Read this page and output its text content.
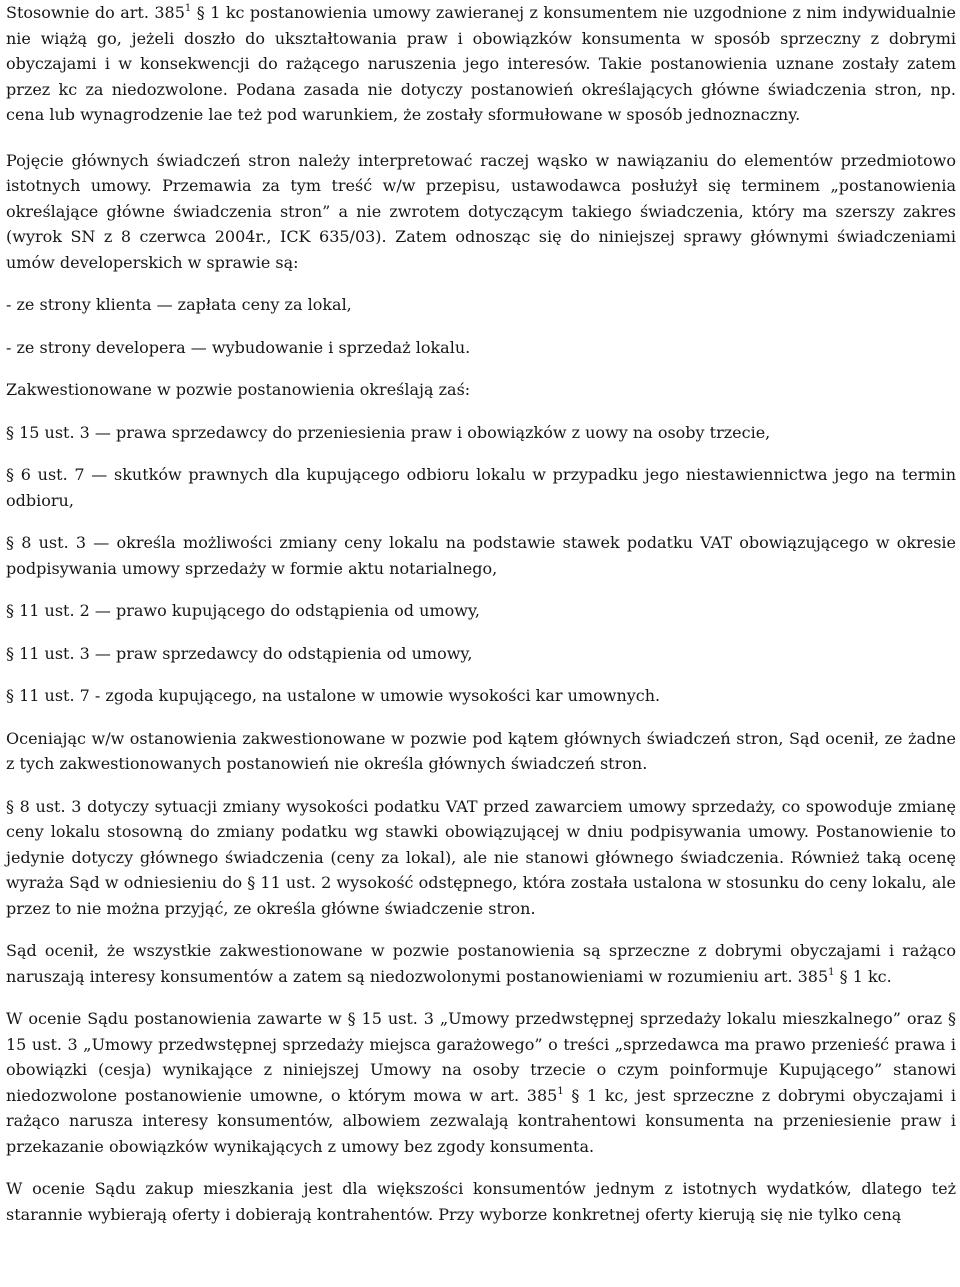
Stosownie do art. $385^1$ § 1 kc postanowienia umowy zawieranej z konsumentem nie uzgodnione z nim indywidualnie nie wiążą go, jeżeli doszło do ukształtowania praw i obowiązków konsumenta w sposób sprzeczny z dobrymi obyczajami i w konsekwencji do rażącego naruszenia jego interesów. Takie postanowienia uznane zostały zatem przez kc za niedozwolone. Podana zasada nie dotyczy postanowień określających główne świadczenia stron, np. cena lub wynagrodzenie lae też pod warunkiem, że zostały sformułowane w sposób jednoznaczny.

Pojęcie głównych świadczeń stron należy interpretować raczej wąsko w nawiązaniu do elementów przedmiotowo istotnych umowy. Przemawia za tym treść w/w przepisu, ustawodawca posłużył się terminem „postanowienia określające główne świadczenia stron” a nie zwrotem dotyczącym takiego świadczenia, który ma szerszy zakres (wyrok SN z 8 czerwca 2004r., ICK 635/03). Zatem odnosząc się do niniejszej sprawy głównymi świadczeniami umów developerskich w sprawie są:

- ze strony klienta — zapłata ceny za lokal,

- ze strony developera — wybudowanie i sprzedaż lokalu.

Zakwestionowane w pozwie postanowienia określają zaś:

§ 15 ust. 3 — prawa sprzedawcy do przeniesienia praw i obowiązków z uowy na osoby trzecie,

§ 6 ust. 7 — skutków prawnych dla kupującego odbioru lokalu w przypadku jego niestawiennictwa jego na termin odbioru,

§ 8 ust. 3 — określa możliwości zmiany ceny lokalu na podstawie stawek podatku VAT obowiązującego w okresie podpisywania umowy sprzedaży w formie aktu notarialnego,

§ 11 ust. 2 — prawo kupującego do odstąpienia od umowy,

§ 11 ust. 3 — praw sprzedawcy do odstąpienia od umowy,

§ 11 ust. 7 - zgoda kupującego, na ustalone w umowie wysokości kar umownych.

Oceniając w/w ostanowienia zakwestionowane w pozwie pod kątem głównych świadczeń stron, Sąd ocenił, ze żadne z tych zakwestionowanych postanowień nie określa głównych świadczeń stron.

§ 8 ust. 3 dotyczy sytuacji zmiany wysokości podatku VAT przed zawarciem umowy sprzedaży, co spowoduje zmianę ceny lokalu stosowną do zmiany podatku wg stawki obowiązującej w dniu podpisywania umowy. Postanowienie to jedynie dotyczy głównego świadczenia (ceny za lokal), ale nie stanowi głównego świadczenia. Również taką ocenę wyraża Sąd w odniesieniu do § 11 ust. 2 wysokość odstępnego, która została ustalona w stosunku do ceny lokalu, ale przez to nie można przyjąć, ze określa główne świadczenie stron.

Sąd ocenił, że wszystkie zakwestionowane w pozwie postanowienia są sprzeczne z dobrymi obyczajami i rażąco naruszają interesy konsumentów a zatem są niedozwolonymi postanowieniami w rozumieniu art. $385^1$ § 1 kc.

W ocenie Sądu postanowienia zawarte w § 15 ust. 3 „Umowy przedwstępnej sprzedaży lokalu mieszkalnego” oraz § 15 ust. 3 „Umowy przedwstępnej sprzedaży miejsca garażowego” o treści „sprzedawca ma prawo przenieść prawa i obowiązki (cesja) wynikające z niniejszej Umowy na osoby trzecie o czym poinformuje Kupującego” stanowi niedozwolone postanowienie umowne, o którym mowa w art. $385^1$ § 1 kc, jest sprzeczne z dobrymi obyczajami i rażąco narusza interesy konsumentów, albowiem zezwalają kontrahentowi konsumenta na przeniesienie praw i przekazanie obowiązków wynikających z umowy bez zgody konsumenta.

W ocenie Sądu zakup mieszkania jest dla większości konsumentów jednym z istotnych wydatków, dlatego też starannie wybierają oferty i dobierają kontrahentów. Przy wyborze konkretnej oferty kierują się nie tylko ceną
